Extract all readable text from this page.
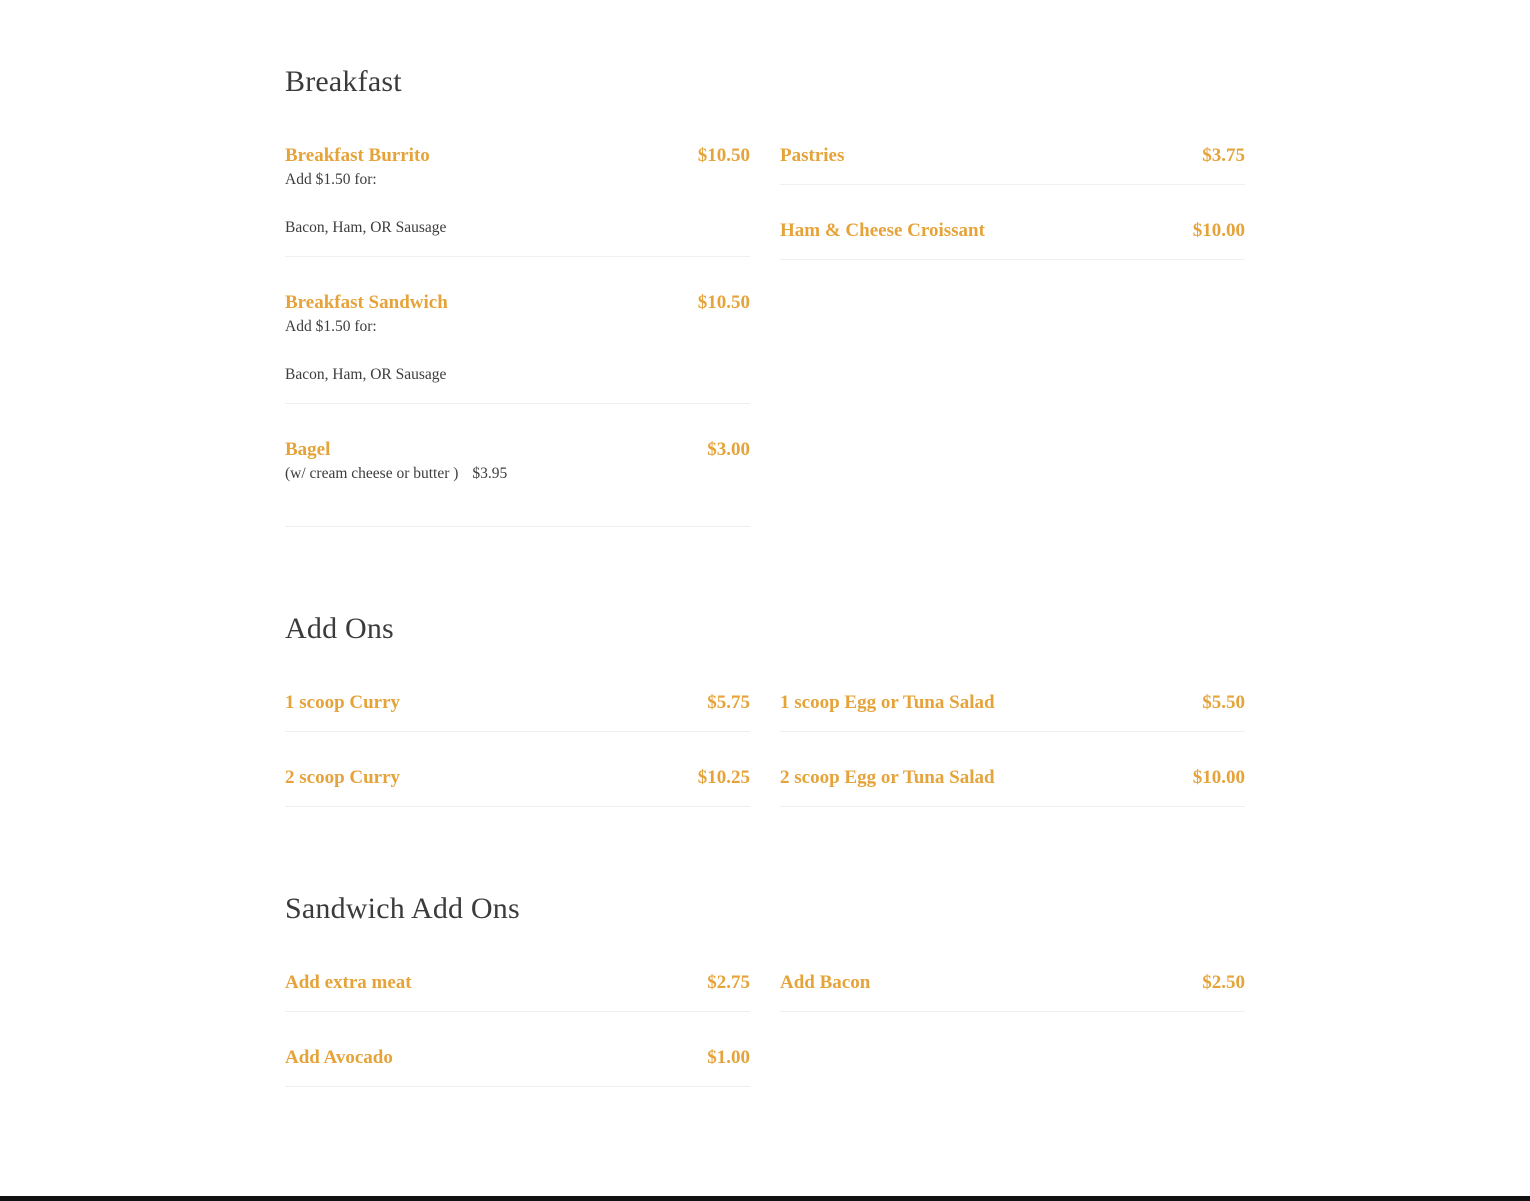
Breakfast
Breakfast Burrito	$10.50
Add $1.50 for:
Bacon, Ham, OR Sausage
Breakfast Sandwich	$10.50
Add $1.50 for:
Bacon, Ham, OR Sausage
Bagel	$3.00
(w/ cream cheese or butter ) $3.95
Pastries	$3.75
Ham & Cheese Croissant	$10.00
Add Ons
1 scoop Curry	$5.75
2 scoop Curry	$10.25
1 scoop Egg or Tuna Salad	$5.50
2 scoop Egg or Tuna Salad	$10.00
Sandwich Add Ons
Add extra meat	$2.75
Add Avocado	$1.00
Add Bacon	$2.50
